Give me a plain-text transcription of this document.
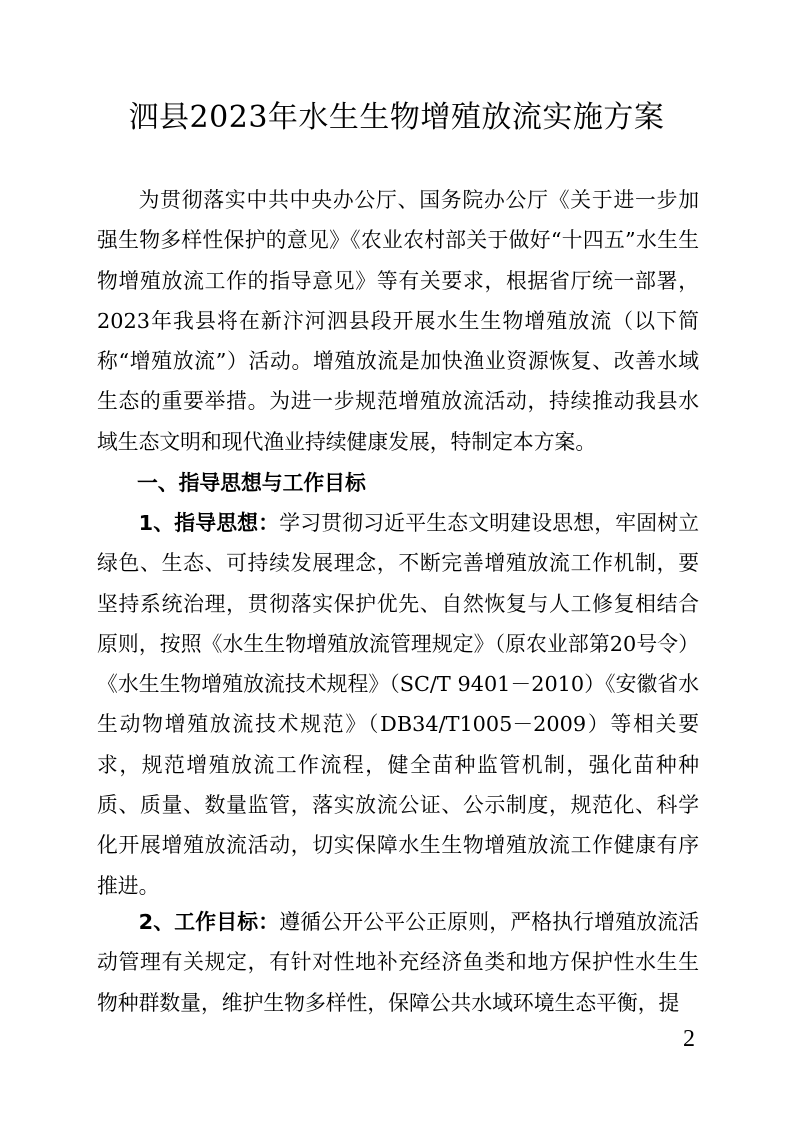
泗县2023年水生生物增殖放流实施方案

为贯彻落实中共中央办公厅、国务院办公厅《关于进一步加强生物多样性保护的意见》《农业农村部关于做好“十四五”水生生物增殖放流工作的指导意见》等有关要求，根据省厅统一部署，2023年我县将在新汴河泗县段开展水生生物增殖放流（以下简称“增殖放流”）活动。增殖放流是加快渔业资源恢复、改善水域生态的重要举措。为进一步规范增殖放流活动，持续推动我县水域生态文明和现代渔业持续健康发展，特制定本方案。

一、指导思想与工作目标

1、指导思想：学习贯彻习近平生态文明建设思想，牢固树立绿色、生态、可持续发展理念，不断完善增殖放流工作机制，要坚持系统治理，贯彻落实保护优先、自然恢复与人工修复相结合原则，按照《水生生物增殖放流管理规定》（原农业部第20号令）《水生生物增殖放流技术规程》（SC/T 9401－2010）《安徽省水生动物增殖放流技术规范》（DB34/T1005－2009）等相关要求，规范增殖放流工作流程，健全苗种监管机制，强化苗种种质、质量、数量监管，落实放流公证、公示制度，规范化、科学化开展增殖放流活动，切实保障水生生物增殖放流工作健康有序推进。

2、工作目标：遵循公开公平公正原则，严格执行增殖放流活动管理有关规定，有针对性地补充经济鱼类和地方保护性水生生物种群数量，维护生物多样性，保障公共水域环境生态平衡，提

2
